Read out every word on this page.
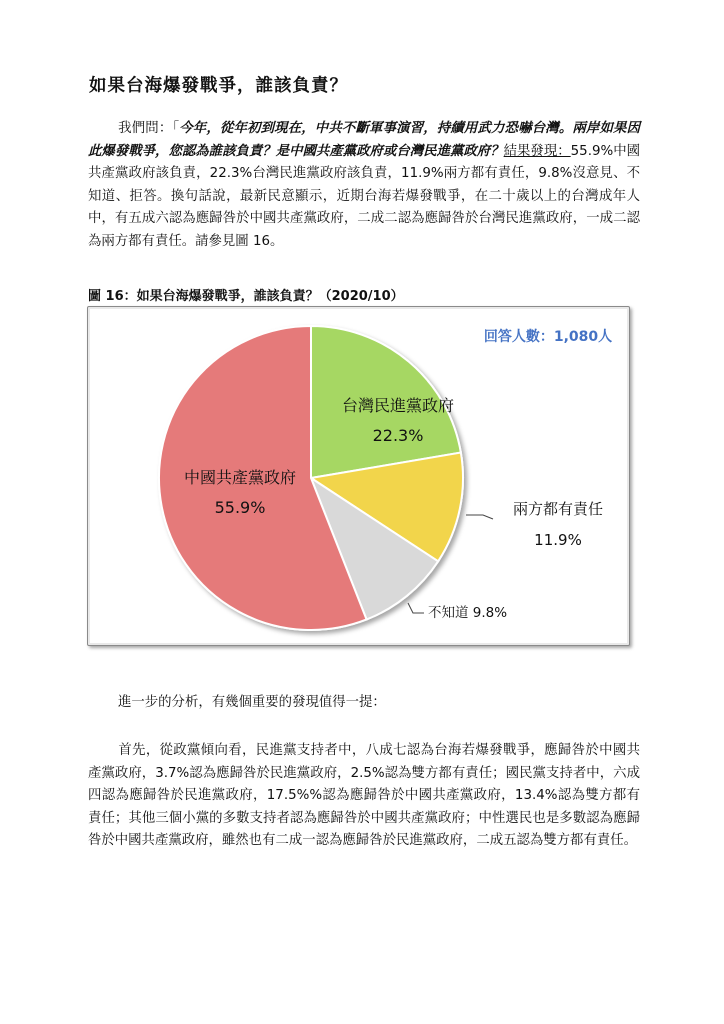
如果台海爆發戰爭，誰該負責？

我們問：「今年，從年初到現在，中共不斷軍事演習，持續用武力恐嚇台灣。兩岸如果因此爆發戰爭，您認為誰該負責？是中國共產黨政府或台灣民進黨政府？結果發現：55.9%中國共產黨政府該負責，22.3%台灣民進黨政府該負責，11.9%兩方都有責任，9.8%沒意見、不知道、拒答。換句話說，最新民意顯示，近期台海若爆發戰爭，在二十歲以上的台灣成年人中，有五成六認為應歸咎於中國共產黨政府，二成二認為應歸咎於台灣民進黨政府，一成二認為兩方都有責任。請參見圖 16。

圖 16：如果台海爆發戰爭，誰該負責？（2020/10）

台灣民進黨政府
22.3%
兩方都有責任
11.9%
不知道 9.8%
中國共產黨政府
55.9%
回答人數：1,080人

進一步的分析，有幾個重要的發現值得一提：

首先，從政黨傾向看，民進黨支持者中，八成七認為台海若爆發戰爭，應歸咎於中國共產黨政府，3.7%認為應歸咎於民進黨政府，2.5%認為雙方都有責任；國民黨支持者中，六成四認為應歸咎於民進黨政府，17.5%%認為應歸咎於中國共產黨政府，13.4%認為雙方都有責任；其他三個小黨的多數支持者認為應歸咎於中國共產黨政府；中性選民也是多數認為應歸咎於中國共產黨政府，雖然也有二成一認為應歸咎於民進黨政府，二成五認為雙方都有責任。
